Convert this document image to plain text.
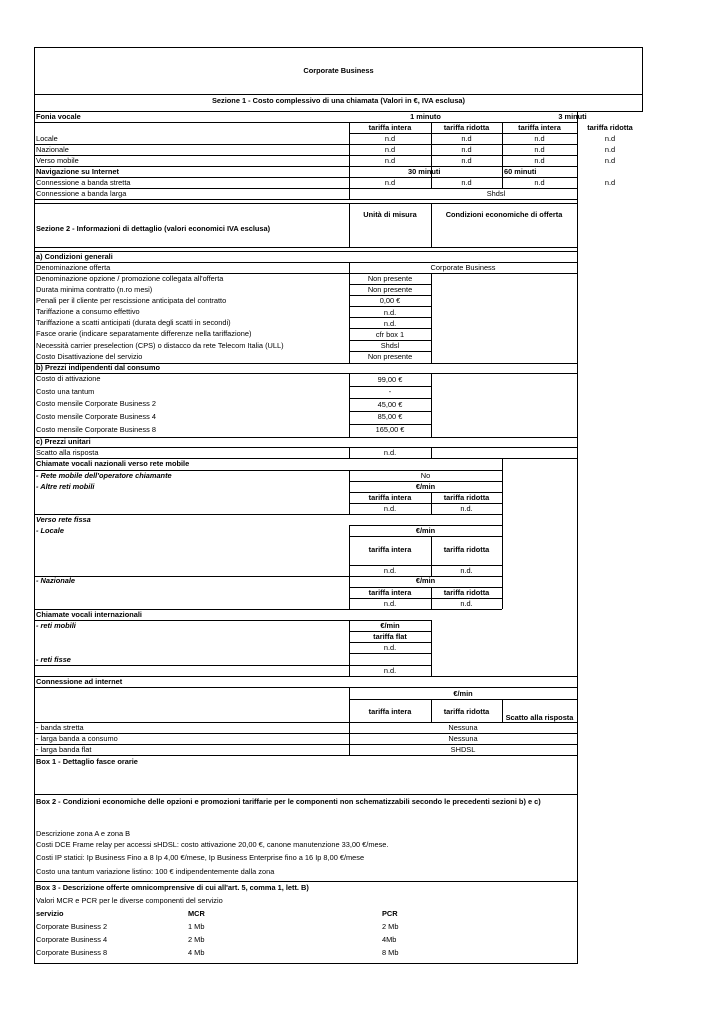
Corporate Business
Sezione 1 - Costo complessivo di una chiamata (Valori in €, IVA esclusa)
Fonia vocale	1 minuto	3 minuti
tariffa intera	tariffa ridotta	tariffa intera	tariffa ridotta
Locale	n.d	n.d	n.d	n.d
Nazionale	n.d	n.d	n.d	n.d
Verso mobile	n.d	n.d	n.d	n.d
Navigazione su Internet	30 minuti	60 minuti
Connessione a banda stretta	n.d	n.d	n.d	n.d
Connessione a banda larga	Shdsl
Sezione 2 - Informazioni di dettaglio (valori economici IVA esclusa)
Unità di misura	Condizioni economiche di offerta
a) Condizioni generali
Denominazione offerta	Corporate Business
Denominazione opzione / promozione collegata all'offerta	Non presente
Durata minima contratto (n.ro mesi)	Non presente
Penali per il cliente per rescissione anticipata del contratto	0,00 €
Tariffazione a consumo effettivo	n.d.
Tariffazione a scatti anticipati (durata degli scatti in secondi)	n.d.
Fasce orarie (indicare separatamente differenze nella tariffazione)	cfr box 1
Necessità carrier preselection (CPS) o distacco da rete Telecom Italia (ULL)	Shdsl
Costo Disattivazione del servizio	Non presente
b) Prezzi indipendenti dal consumo
Costo di attivazione	99,00 €
Costo una tantum	-
Costo mensile Corporate Business 2	45,00 €
Costo mensile Corporate Business 4	85,00 €
Costo mensile Corporate Business 8	165,00 €
c) Prezzi unitari
Scatto alla risposta	n.d.
Chiamate vocali nazionali verso rete mobile
- Rete mobile dell'operatore chiamante	No
- Altre reti mobili	€/min
tariffa intera	tariffa ridotta
n.d.	n.d.
Verso rete fissa
- Locale	€/min
tariffa intera	tariffa ridotta
n.d.	n.d.
- Nazionale	€/min
tariffa intera	tariffa ridotta
n.d.	n.d.
Chiamate vocali internazionali
- reti mobili	€/min
tariffa flat
n.d.
- reti fisse
n.d.
Connessione ad internet
€/min
tariffa intera	tariffa ridotta
Scatto alla risposta
- banda stretta	Nessuna
- larga banda a consumo	Nessuna
- larga banda flat	SHDSL
Box 1 - Dettaglio fasce orarie
Box 2 - Condizioni economiche delle opzioni e promozioni tariffarie per le componenti non schematizzabili secondo le precedenti sezioni b) e c)
Descrizione zona A e zona B
Costi DCE Frame relay per accessi sHDSL: costo attivazione 20,00 €, canone manutenzione 33,00 €/mese.
Costi IP statici: Ip Business Fino a 8 Ip 4,00 €/mese, Ip Business Enterprise fino a 16 Ip 8,00 €/mese
Costo una tantum variazione listino: 100 € indipendentemente dalla zona
Box 3 - Descrizione offerte omnicomprensive di cui all'art. 5, comma 1, lett. B)
Valori MCR e PCR per le diverse componenti del servizio
servizio	MCR	PCR
Corporate Business 2	1 Mb	2 Mb
Corporate Business 4	2 Mb	4Mb
Corporate Business 8	4 Mb	8 Mb
